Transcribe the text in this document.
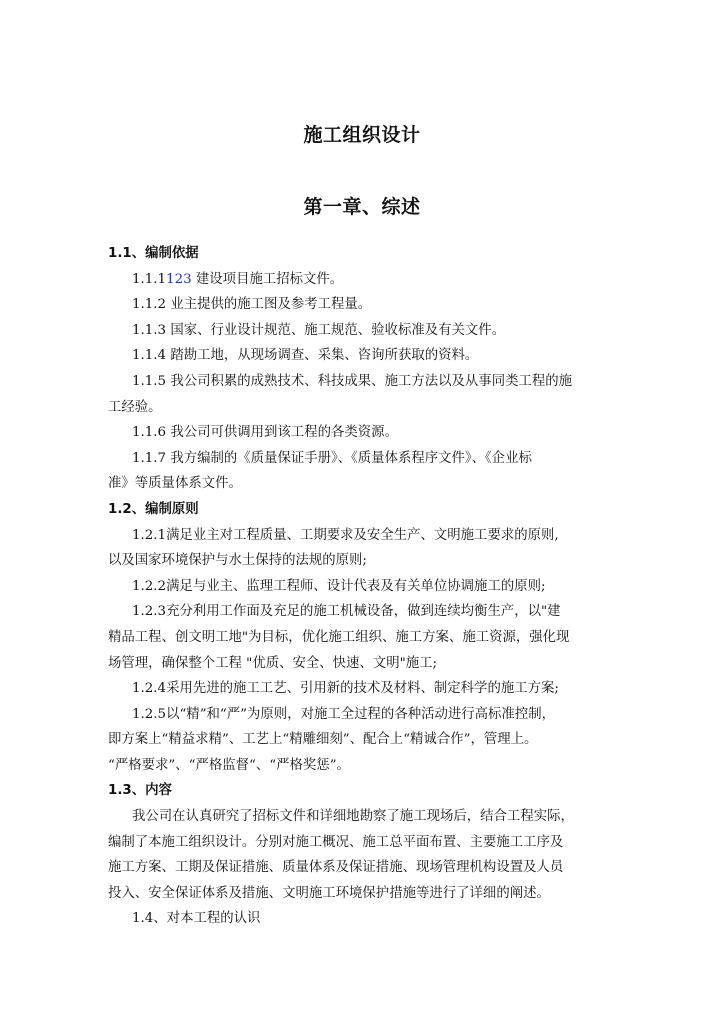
施工组织设计
第一章、综述
1.1、编制依据
1.1.1123 建设项目施工招标文件。
1.1.2 业主提供的施工图及参考工程量。
1.1.3 国家、行业设计规范、施工规范、验收标准及有关文件。
1.1.4 踏勘工地，从现场调查、采集、咨询所获取的资料。
1.1.5 我公司积累的成熟技术、科技成果、施工方法以及从事同类工程的施
工经验。
1.1.6 我公司可供调用到该工程的各类资源。
1.1.7 我方编制的《质量保证手册》、《质量体系程序文件》、《企业标
准》等质量体系文件。
1.2、编制原则
1.2.1满足业主对工程质量、工期要求及安全生产、文明施工要求的原则,
以及国家环境保护与水土保持的法规的原则;
1.2.2满足与业主、监理工程师、设计代表及有关单位协调施工的原则;
1.2.3充分利用工作面及充足的施工机械设备，做到连续均衡生产，以"建
精品工程、创文明工地"为目标，优化施工组织、施工方案、施工资源，强化现
场管理，确保整个工程 "优质、安全、快速、文明"施工;
1.2.4采用先进的施工工艺、引用新的技术及材料、制定科学的施工方案;
1.2.5以“精”和“严”为原则，对施工全过程的各种活动进行高标准控制，
即方案上“精益求精”、工艺上“精雕细刻”、配合上“精诚合作”，管理上。
“严格要求”、“严格监督“、“严格奖惩”。
1.3、内容
我公司在认真研究了招标文件和详细地勘察了施工现场后，结合工程实际，
编制了本施工组织设计。分别对施工概况、施工总平面布置、主要施工工序及
施工方案、工期及保证措施、质量体系及保证措施、现场管理机构设置及人员
投入、安全保证体系及措施、文明施工环境保护措施等进行了详细的阐述。
1.4、对本工程的认识
